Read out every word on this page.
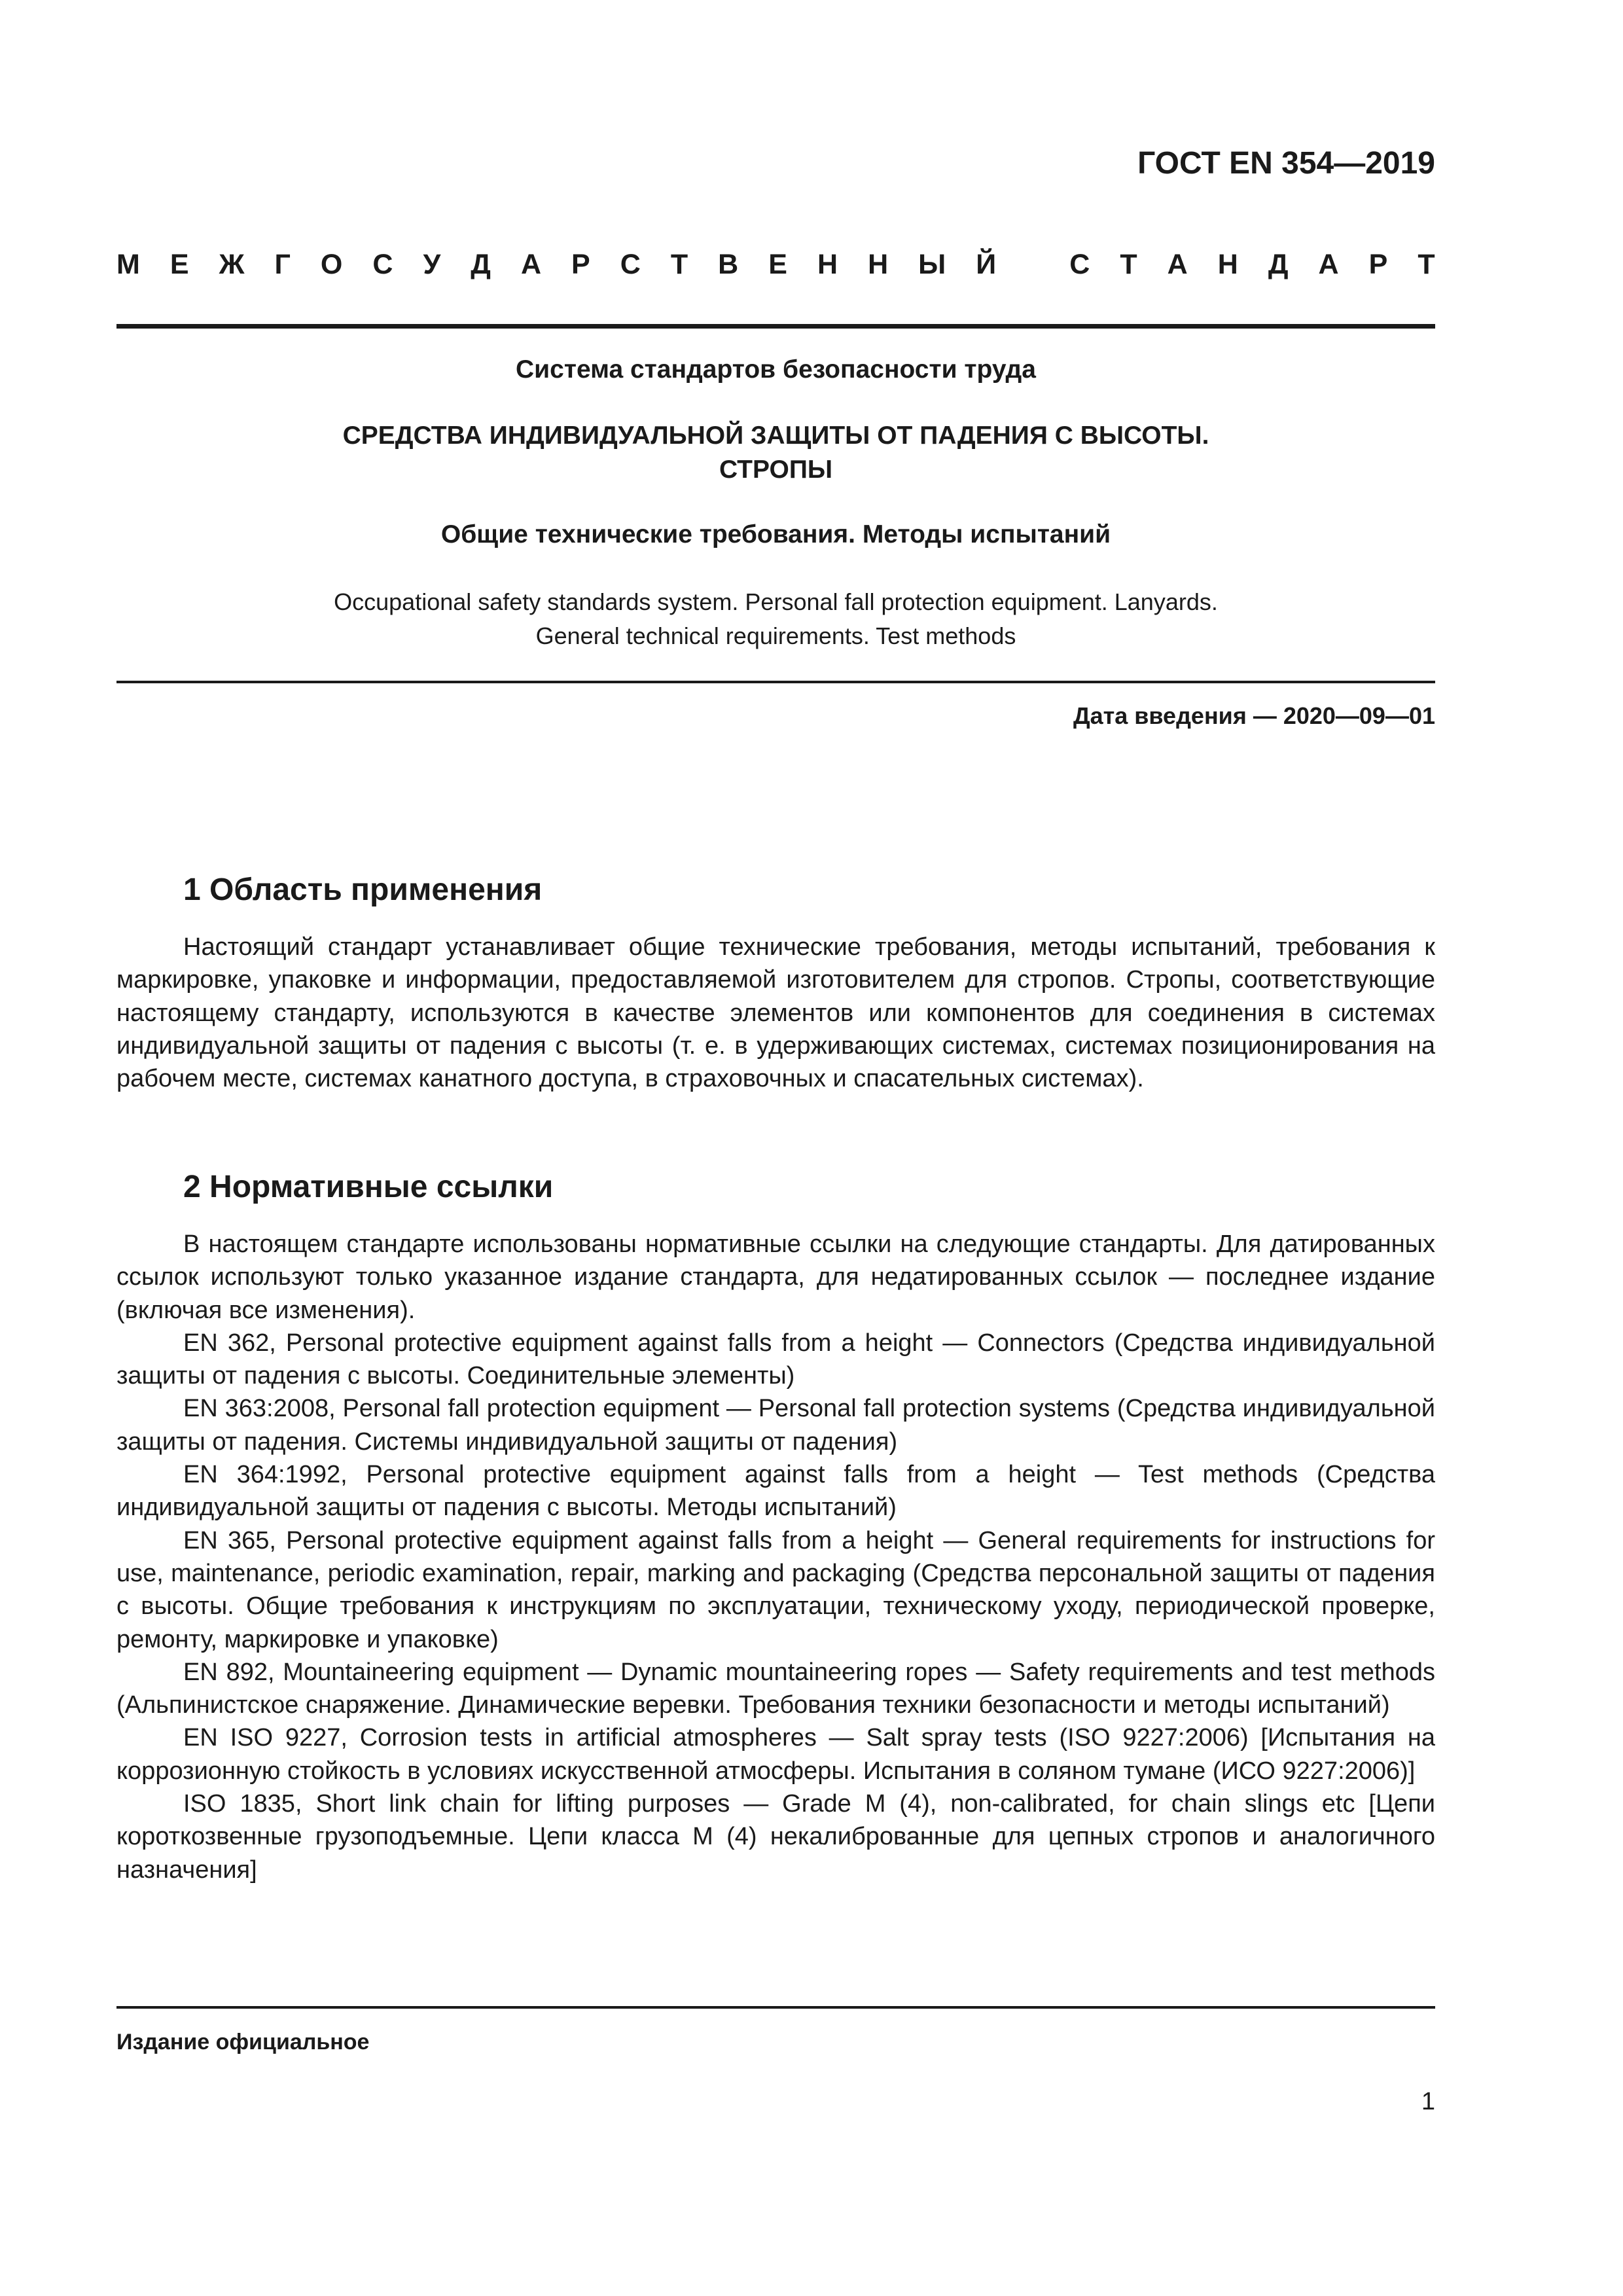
ГОСТ EN 354—2019
М Е Ж Г О С У Д А Р С Т В Е Н Н Ы Й	С Т А Н Д А Р Т
Система стандартов безопасности труда
СРЕДСТВА ИНДИВИДУАЛЬНОЙ ЗАЩИТЫ ОТ ПАДЕНИЯ С ВЫСОТЫ.
СТРОПЫ
Общие технические требования. Методы испытаний
Occupational safety standards system. Personal fall protection equipment. Lanyards.
General technical requirements. Test methods
Дата введения — 2020—09—01
1 Область применения

Настоящий стандарт устанавливает общие технические требования, методы испытаний, требования к маркировке, упаковке и информации, предоставляемой изготовителем для стропов. Стропы, соответствующие настоящему стандарту, используются в качестве элементов или компонентов для соединения в системах индивидуальной защиты от падения с высоты (т. е. в удерживающих системах, системах позиционирования на рабочем месте, системах канатного доступа, в страховочных и спасательных системах).

2 Нормативные ссылки

В настоящем стандарте использованы нормативные ссылки на следующие стандарты. Для датированных ссылок используют только указанное издание стандарта, для недатированных ссылок — последнее издание (включая все изменения).

EN 362, Personal protective equipment against falls from a height — Connectors (Средства индивидуальной защиты от падения с высоты. Соединительные элементы)

EN 363:2008, Personal fall protection equipment — Personal fall protection systems (Средства индивидуальной защиты от падения. Системы индивидуальной защиты от падения)

EN 364:1992, Personal protective equipment against falls from a height — Test methods (Средства индивидуальной защиты от падения с высоты. Методы испытаний)

EN 365, Personal protective equipment against falls from a height — General requirements for instructions for use, maintenance, periodic examination, repair, marking and packaging (Средства персональной защиты от падения с высоты. Общие требования к инструкциям по эксплуатации, техническому уходу, периодической проверке, ремонту, маркировке и упаковке)

EN 892, Mountaineering equipment — Dynamic mountaineering ropes — Safety requirements and test methods (Альпинистское снаряжение. Динамические веревки. Требования техники безопасности и методы испытаний)

EN ISO 9227, Corrosion tests in artificial atmospheres — Salt spray tests (ISO 9227:2006) [Испытания на коррозионную стойкость в условиях искусственной атмосферы. Испытания в соляном тумане (ИСО 9227:2006)]

ISO 1835, Short link chain for lifting purposes — Grade M (4), non-calibrated, for chain slings etc [Цепи короткозвенные грузоподъемные. Цепи класса М (4) некалиброванные для цепных стропов и аналогичного назначения]

Издание официальное
1
